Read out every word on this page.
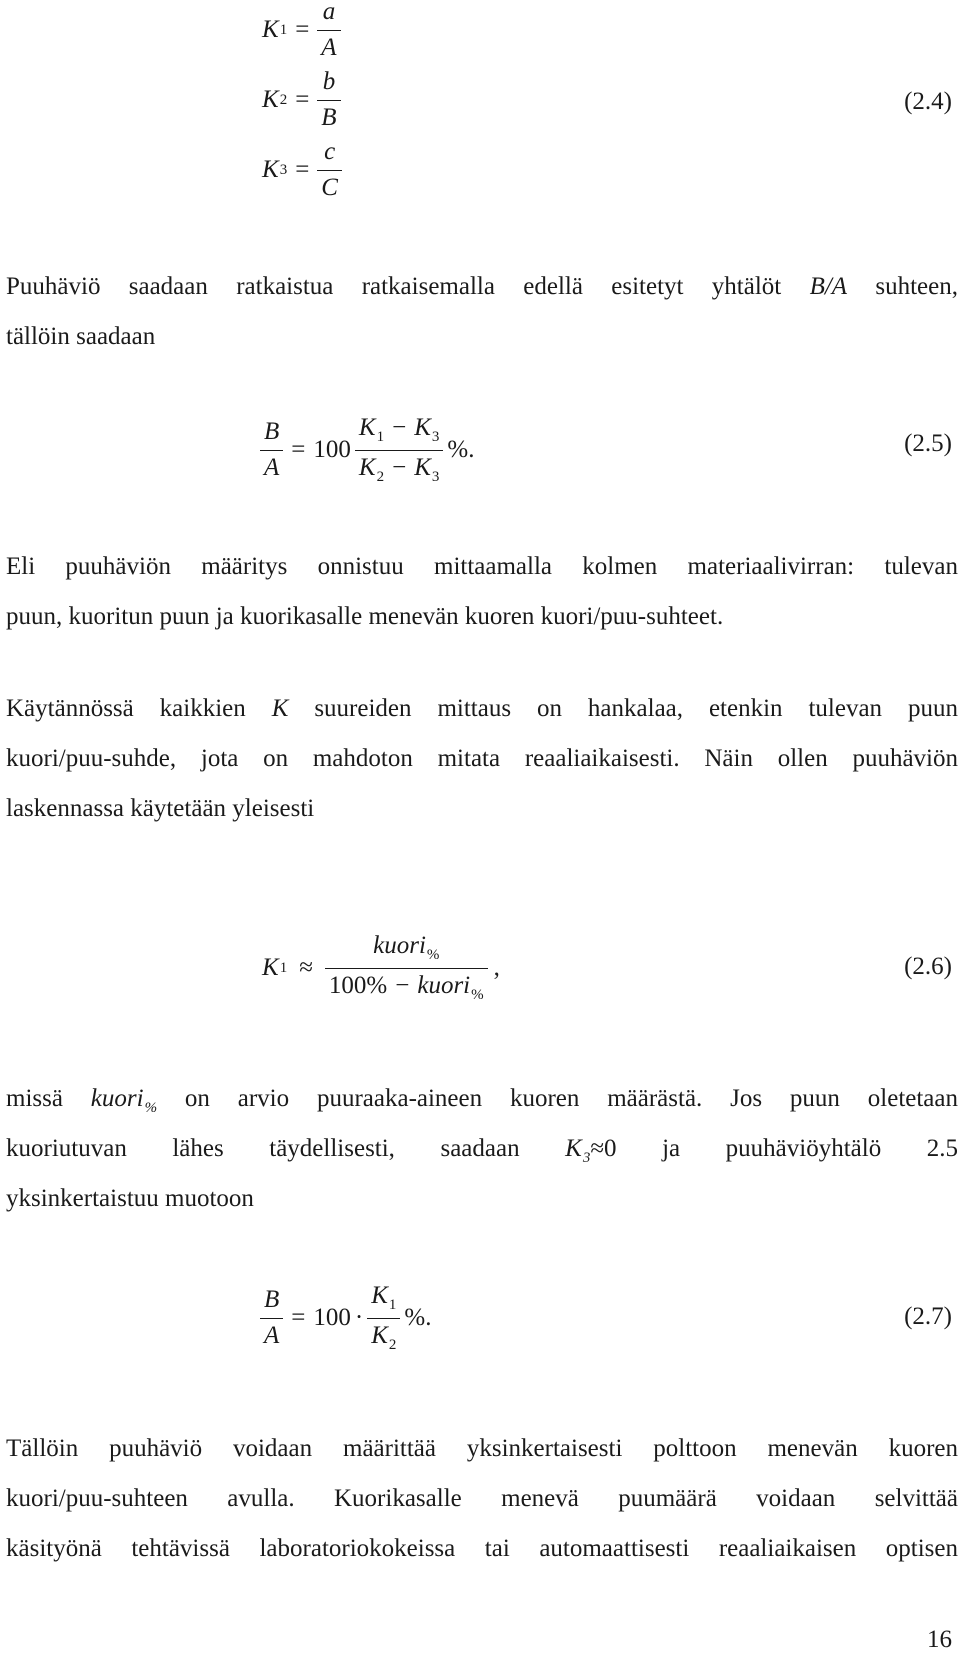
K $1 = \frac{a}{A}$
K $2 = \frac{b}{B}$	(2.4)
K $3 = \frac{c}{C}$
Puuhäviö saadaan ratkaistua ratkaisemalla edellä esitetyt yhtälöt B/A suhteen,
tällöin saadaan
$\frac{B}{A} = 100 \frac{K_1 - K_3}{K_2 - K_3}$ %.	(2.5)
Eli puuhäviön määritys onnistuu mittaamalla kolmen materiaalivirran: tulevan
puun, kuoritun puun ja kuorikasalle menevän kuoren kuori/puu-suhteet.
Käytännössä kaikkien K suureiden mittaus on hankalaa, etenkin tulevan puun
kuori/puu-suhde, jota on mahdoton mitata reaaliaikaisesti. Näin ollen puuhäviön
laskennassa käytetään yleisesti
K $1 \approx \frac{kuori_{\%}}{100\% - kuori_{\%}}$ ,	(2.6)
missä kuori$_{\%}$ on arvio puuraaka-aineen kuoren määrästä. Jos puun oletetaan
kuoriutuvan lähes täydellisesti, saadaan $K_3\approx 0$ ja puuhäviöyhtälö 2.5
yksinkertaistuu muotoon
$\frac{B}{A} = 100 \cdot \frac{K_1}{K_2}$ %.	(2.7)
Tällöin puuhäviö voidaan määrittää yksinkertaisesti polttoon menevän kuoren
kuori/puu-suhteen avulla. Kuorikasalle menevä puumäärä voidaan selvittää
käsityönä tehtävissä laboratoriokokeissa tai automaattisesti reaaliaikaisen optisen
16
